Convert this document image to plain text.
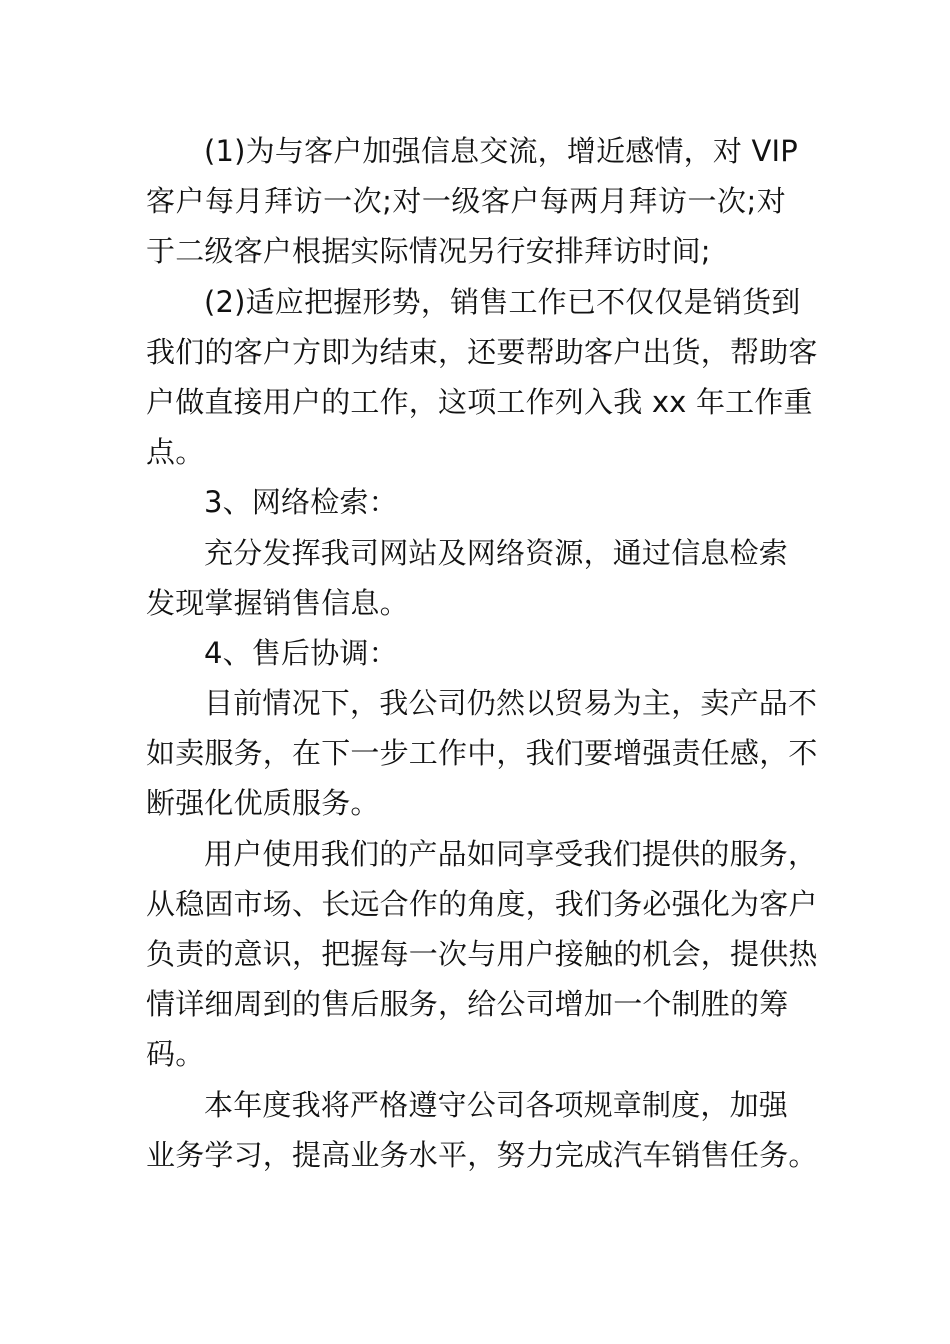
(1)为与客户加强信息交流，增近感情，对 VIP
客户每月拜访一次;对一级客户每两月拜访一次;对
于二级客户根据实际情况另行安排拜访时间;
(2)适应把握形势，销售工作已不仅仅是销货到
我们的客户方即为结束，还要帮助客户出货，帮助客
户做直接用户的工作，这项工作列入我 xx 年工作重
点。
3、网络检索：
充分发挥我司网站及网络资源，通过信息检索
发现掌握销售信息。
4、售后协调：
目前情况下，我公司仍然以贸易为主，卖产品不
如卖服务，在下一步工作中，我们要增强责任感，不
断强化优质服务。
用户使用我们的产品如同享受我们提供的服务，
从稳固市场、长远合作的角度，我们务必强化为客户
负责的意识，把握每一次与用户接触的机会，提供热
情详细周到的售后服务，给公司增加一个制胜的筹
码。
本年度我将严格遵守公司各项规章制度，加强
业务学习，提高业务水平，努力完成汽车销售任务。
